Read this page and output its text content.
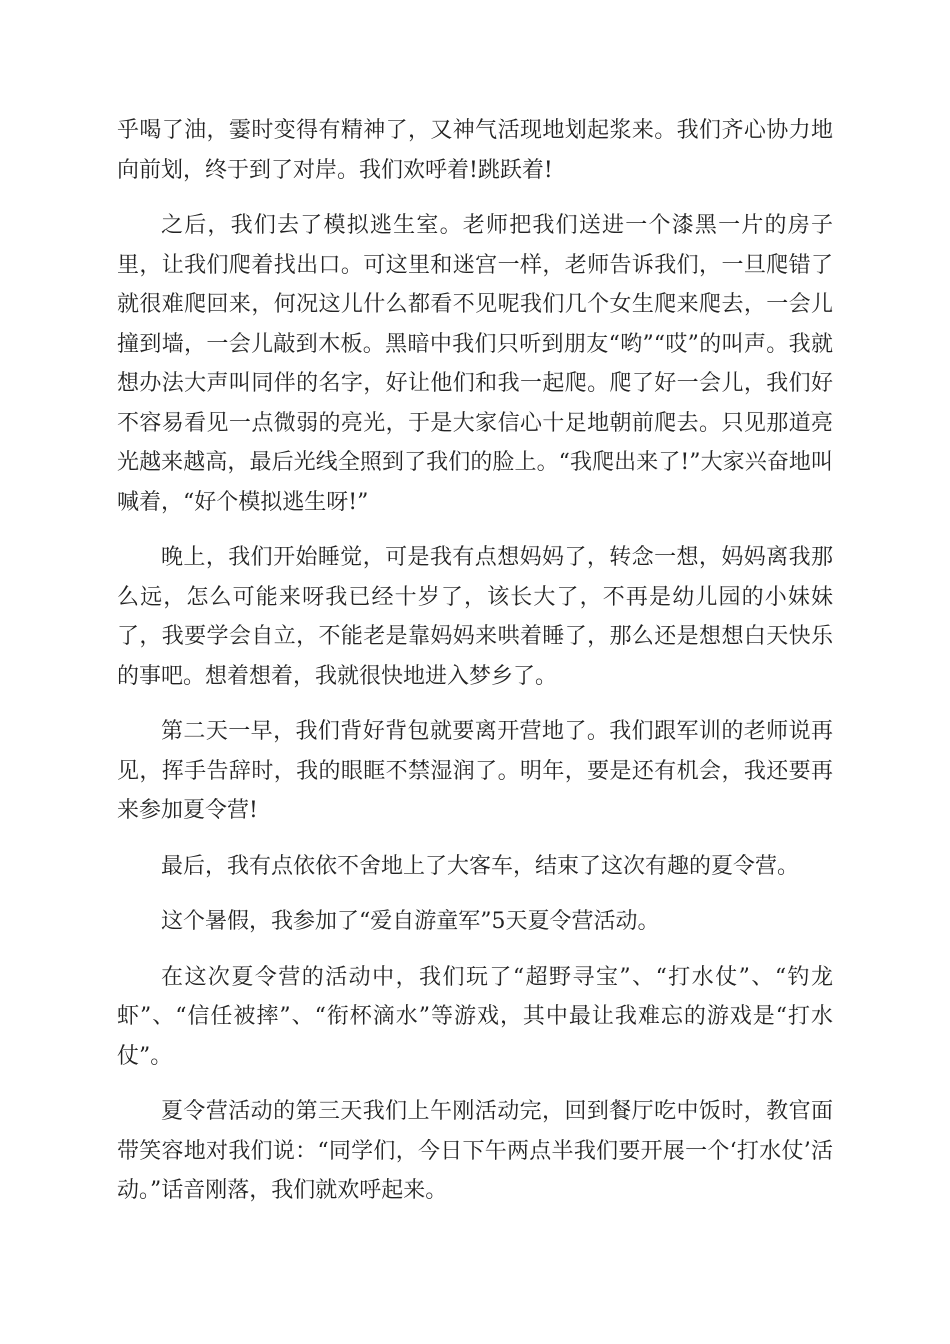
乎喝了油，霎时变得有精神了，又神气活现地划起浆来。我们齐心协力地向前划，终于到了对岸。我们欢呼着!跳跃着!

之后，我们去了模拟逃生室。老师把我们送进一个漆黑一片的房子里，让我们爬着找出口。可这里和迷宫一样，老师告诉我们，一旦爬错了就很难爬回来，何况这儿什么都看不见呢我们几个女生爬来爬去，一会儿撞到墙，一会儿敲到木板。黑暗中我们只听到朋友“哟”“哎”的叫声。我就想办法大声叫同伴的名字，好让他们和我一起爬。爬了好一会儿，我们好不容易看见一点微弱的亮光，于是大家信心十足地朝前爬去。只见那道亮光越来越高，最后光线全照到了我们的脸上。“我爬出来了!”大家兴奋地叫喊着，“好个模拟逃生呀!”

晚上，我们开始睡觉，可是我有点想妈妈了，转念一想，妈妈离我那么远，怎么可能来呀我已经十岁了，该长大了，不再是幼儿园的小妹妹了，我要学会自立，不能老是靠妈妈来哄着睡了，那么还是想想白天快乐的事吧。想着想着，我就很快地进入梦乡了。

第二天一早，我们背好背包就要离开营地了。我们跟军训的老师说再见，挥手告辞时，我的眼眶不禁湿润了。明年，要是还有机会，我还要再来参加夏令营!

最后，我有点依依不舍地上了大客车，结束了这次有趣的夏令营。

这个暑假，我参加了“爱自游童军”5天夏令营活动。

在这次夏令营的活动中，我们玩了“超野寻宝”、“打水仗”、“钓龙虾”、“信任被摔”、“衔杯滴水”等游戏，其中最让我难忘的游戏是“打水仗”。

夏令营活动的第三天我们上午刚活动完，回到餐厅吃中饭时，教官面带笑容地对我们说：“同学们，今日下午两点半我们要开展一个‘打水仗’活动。”话音刚落，我们就欢呼起来。
